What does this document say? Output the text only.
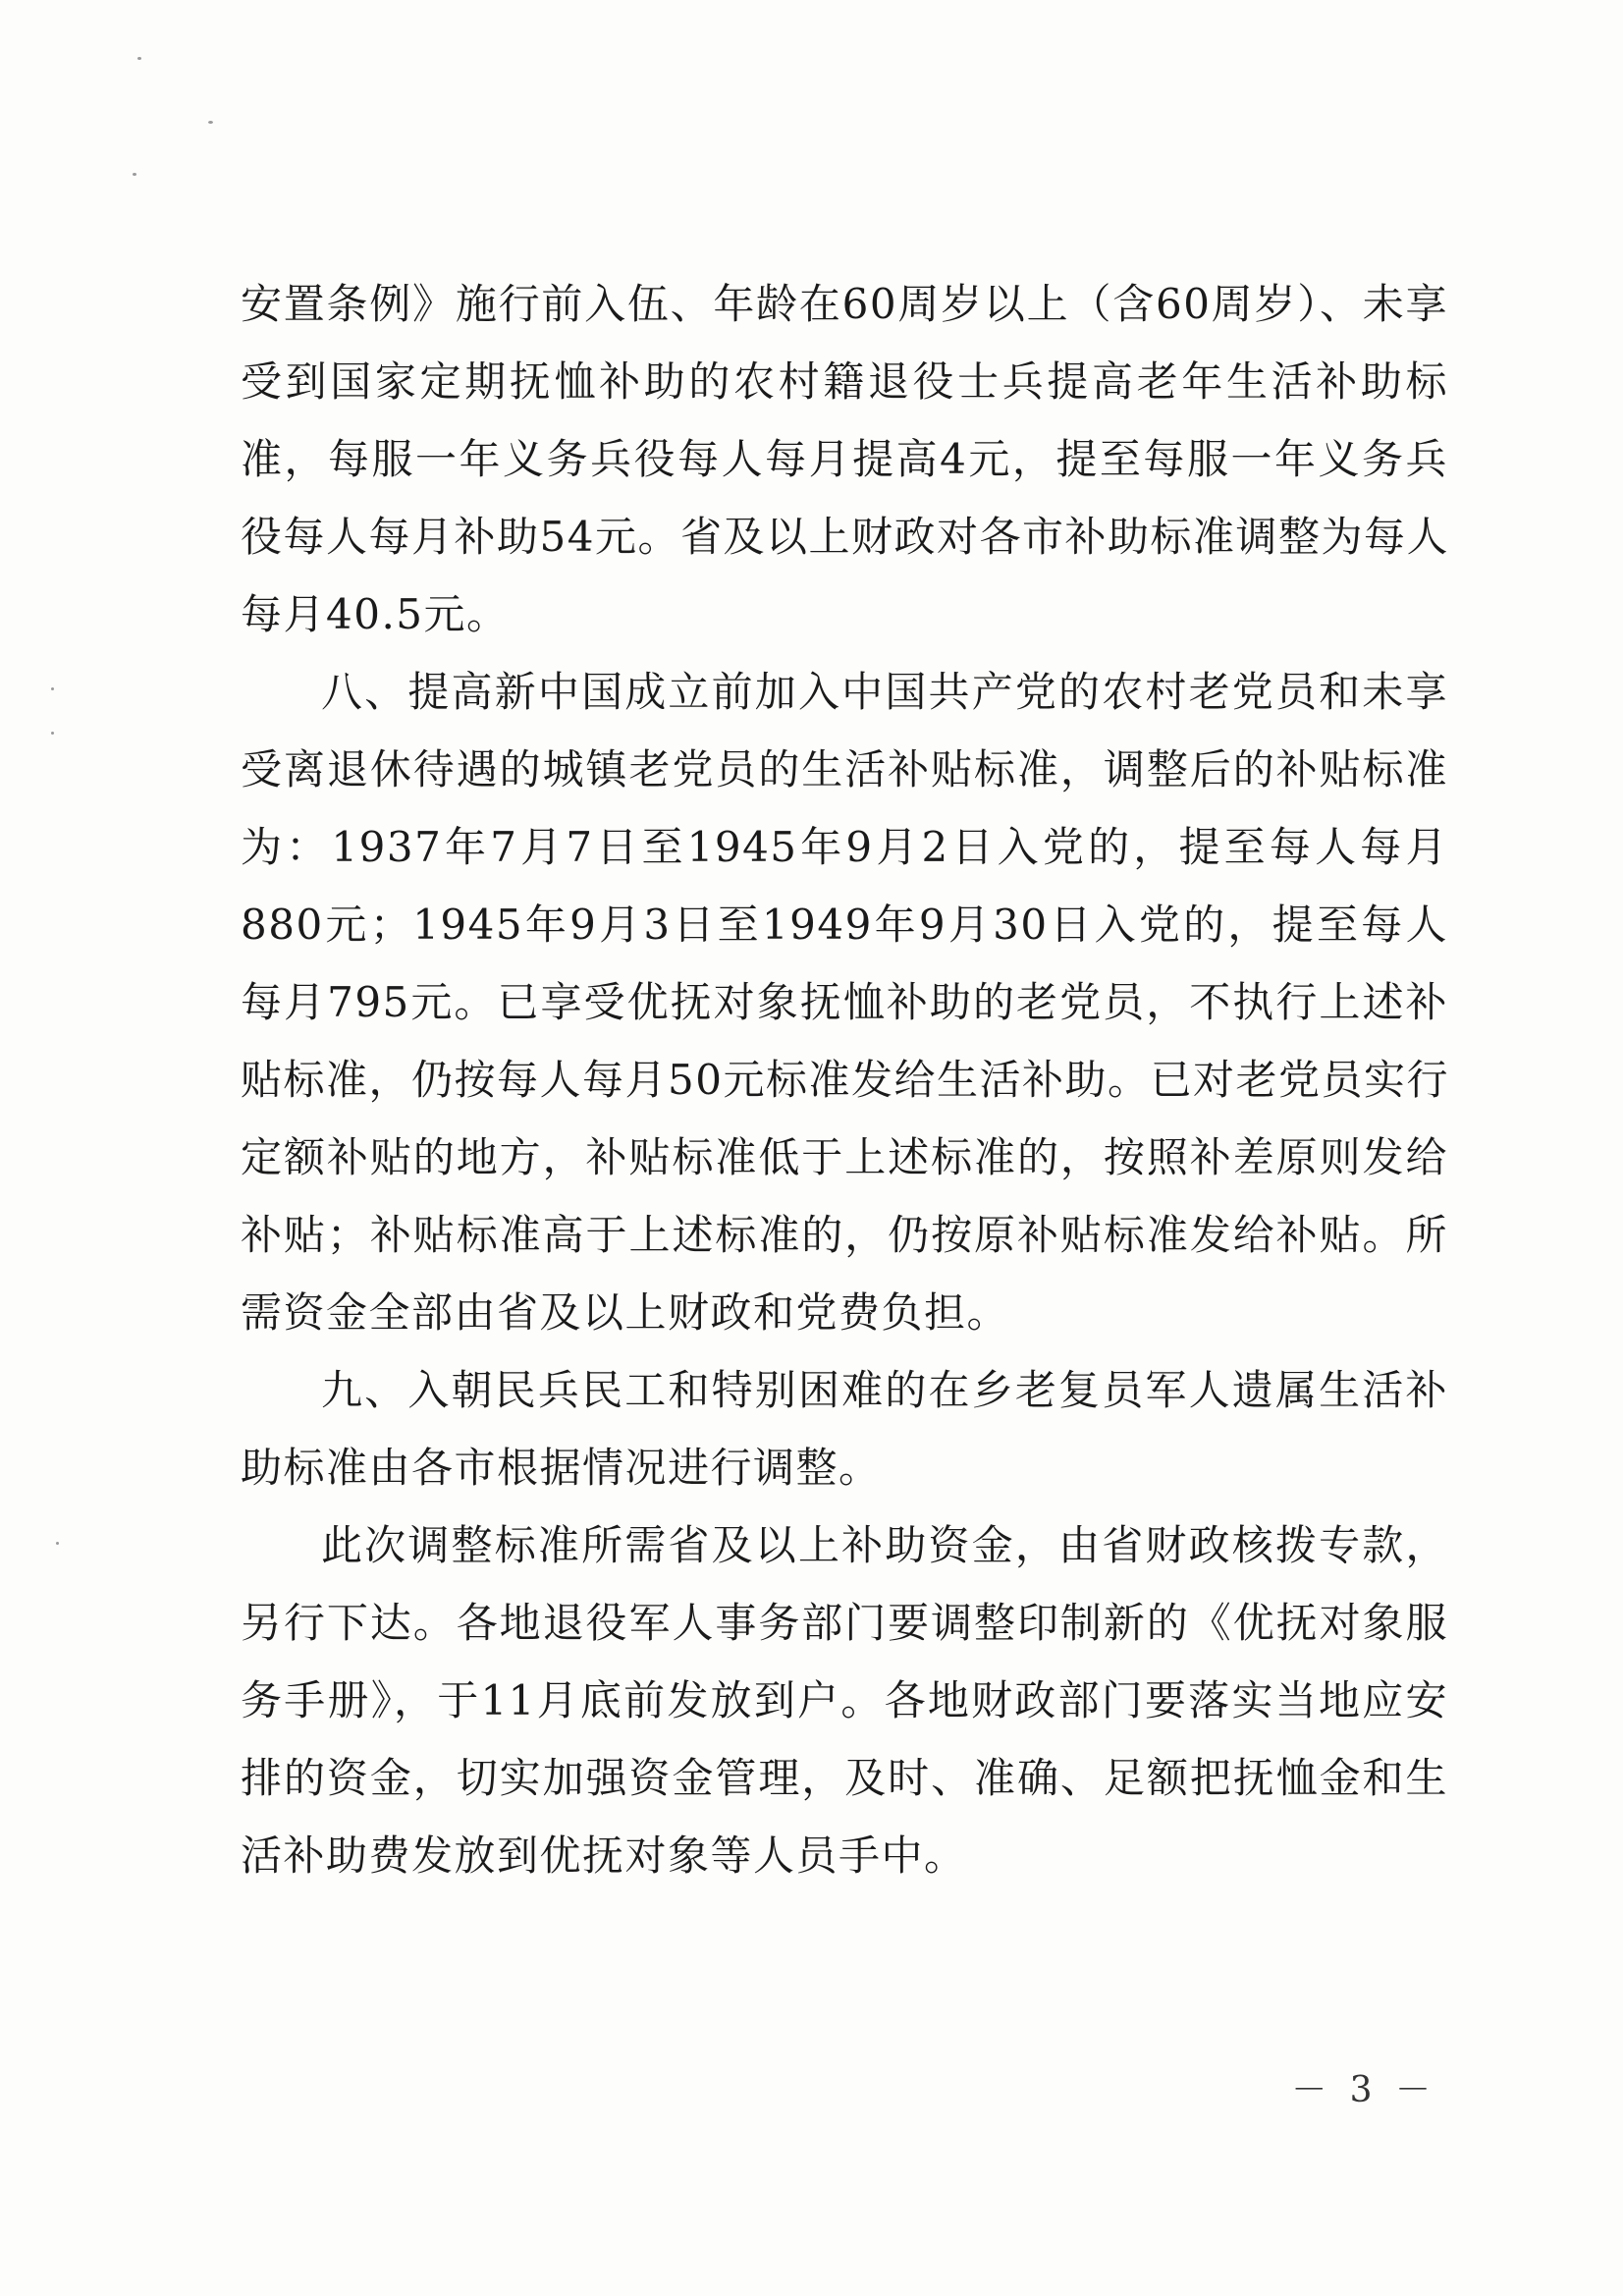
安置条例》施行前入伍、年龄在60周岁以上（含60周岁）、未享
受到国家定期抚恤补助的农村籍退役士兵提高老年生活补助标
准，每服一年义务兵役每人每月提高4元，提至每服一年义务兵
役每人每月补助54元。省及以上财政对各市补助标准调整为每人
每月40.5元。
八、提高新中国成立前加入中国共产党的农村老党员和未享
受离退休待遇的城镇老党员的生活补贴标准，调整后的补贴标准
为：1937年7月7日至1945年9月2日入党的，提至每人每月
880元；1945年9月3日至1949年9月30日入党的，提至每人
每月795元。已享受优抚对象抚恤补助的老党员，不执行上述补
贴标准，仍按每人每月50元标准发给生活补助。已对老党员实行
定额补贴的地方，补贴标准低于上述标准的，按照补差原则发给
补贴；补贴标准高于上述标准的，仍按原补贴标准发给补贴。所
需资金全部由省及以上财政和党费负担。
九、入朝民兵民工和特别困难的在乡老复员军人遗属生活补
助标准由各市根据情况进行调整。
此次调整标准所需省及以上补助资金，由省财政核拨专款，
另行下达。各地退役军人事务部门要调整印制新的《优抚对象服
务手册》，于11月底前发放到户。各地财政部门要落实当地应安
排的资金，切实加强资金管理，及时、准确、足额把抚恤金和生
活补助费发放到优抚对象等人员手中。
－ 3 －
